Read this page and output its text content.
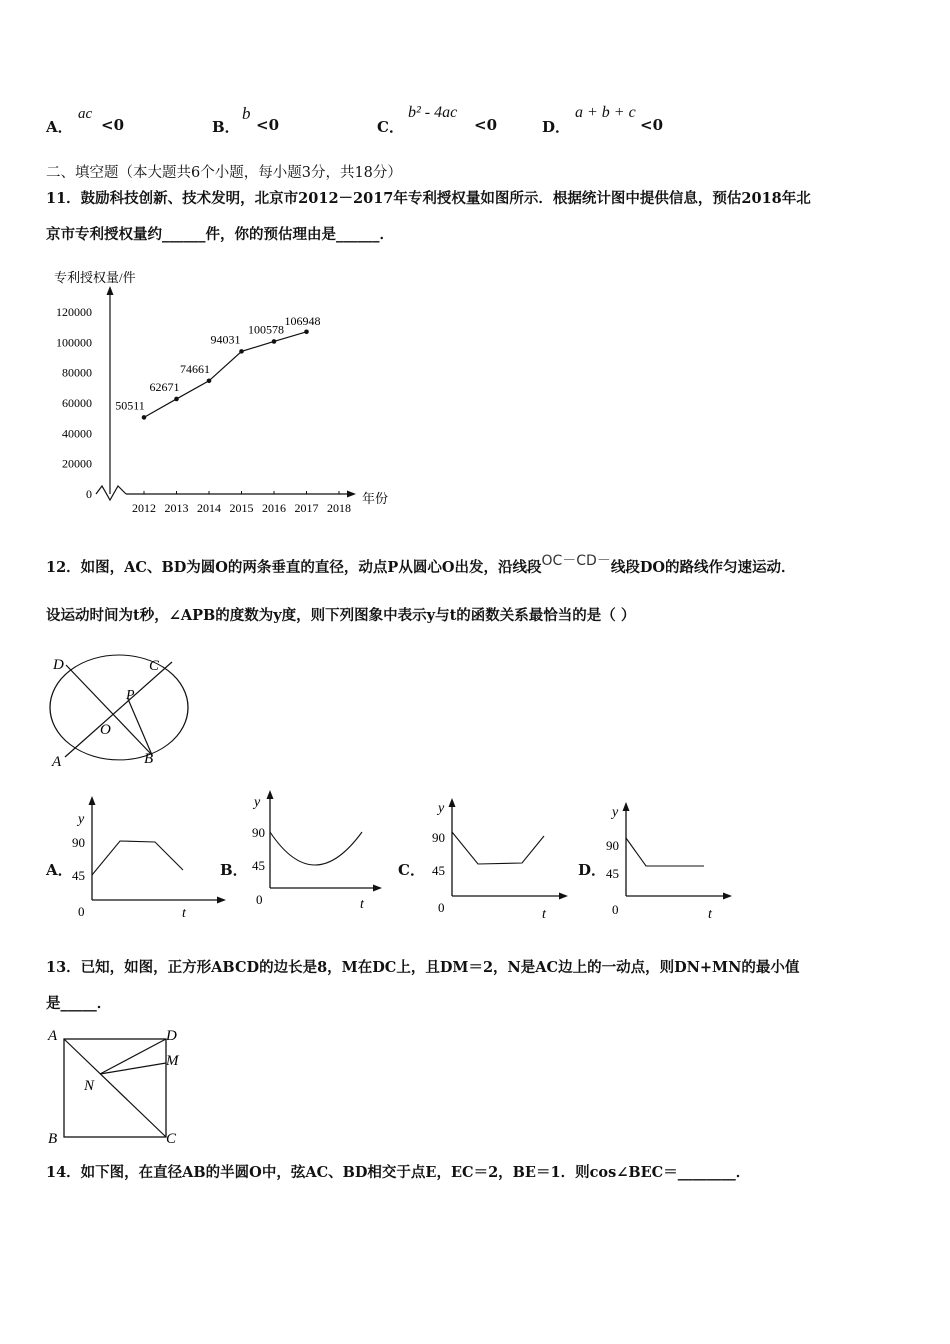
A．
ac
<0	B．
b
<0	C．
b² - 4ac
<0	D．
a + b + c
<0
二、填空题（本大题共6个小题，每小题3分，共18分）
11．鼓励科技创新、技术发明，北京市2012－2017年专利授权量如图所示．根据统计图中提供信息，预估2018年北
京市专利授权量约______件，你的预估理由是______．
专利授权量/件
0
20000
40000
60000
80000
100000
120000
2012 2013 2014 2015 2016 2017 2018
年份
50511
62671
74661
94031
100578
106948
12．如图，AC、BD为圆O的两条垂直的直径，动点P从圆心O出发，沿线段OC－CD－线段DO的路线作匀速运动．
设运动时间为t秒，∠APB的度数为y度，则下列图象中表示y与t的函数关系最恰当的是（ ）
D	C
P
O
A	B
A．
y
90
45
0	t
B．
y
90
45
0	t
C．
y
90
45
0	t
D．
y
90
45
0	t
13．已知，如图，正方形ABCD的边长是8，M在DC上，且DM＝2，N是AC边上的一动点，则DN+MN的最小值
是_____．
A	D
M
N
B	C
14．如下图，在直径AB的半圆O中，弦AC、BD相交于点E，EC＝2，BE＝1．则cos∠BEC＝________．
